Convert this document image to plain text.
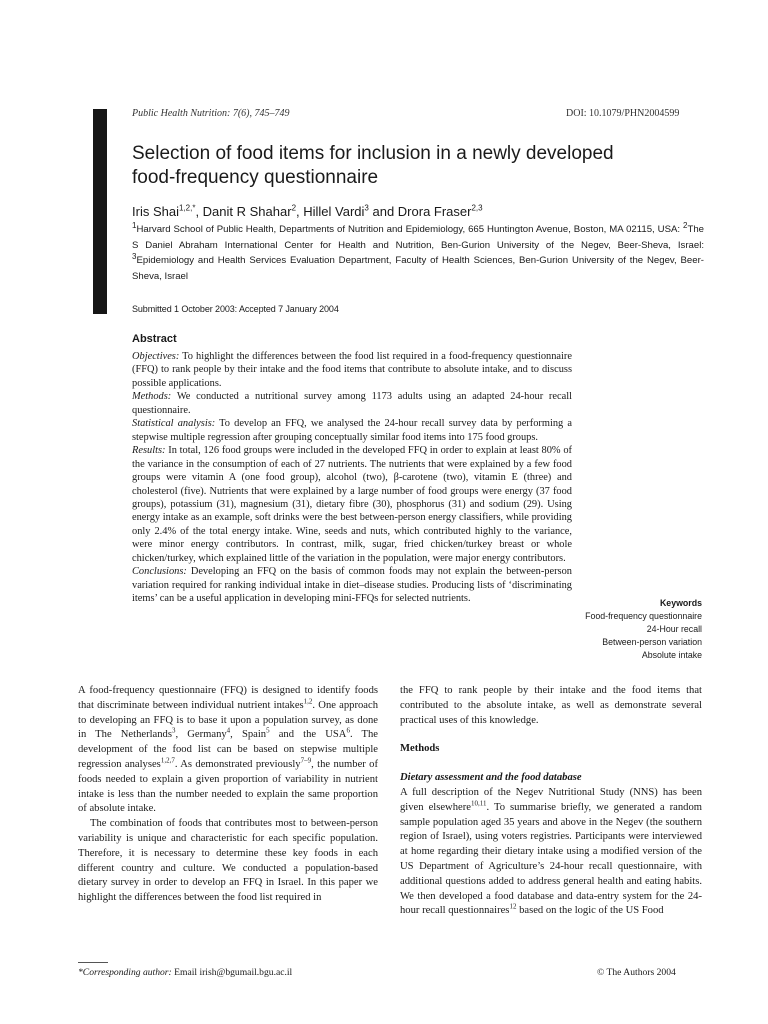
Public Health Nutrition: 7(6), 745–749	DOI: 10.1079/PHN2004599
Selection of food items for inclusion in a newly developed
food-frequency questionnaire
Iris Shai$^{1,2,*}$, Danit R Shahar$^2$, Hillel Vardi$^3$ and Drora Fraser$^{2,3}$
$^1$Harvard School of Public Health, Departments of Nutrition and Epidemiology, 665 Huntington Avenue, Boston, MA 02115, USA: $^2$The S Daniel Abraham International Center for Health and Nutrition, Ben-Gurion University of the Negev, Beer-Sheva, Israel: $^3$Epidemiology and Health Services Evaluation Department, Faculty of Health Sciences, Ben-Gurion University of the Negev, Beer-Sheva, Israel
Submitted 1 October 2003: Accepted 7 January 2004
Abstract

Objectives: To highlight the differences between the food list required in a food-frequency questionnaire (FFQ) to rank people by their intake and the food items that contribute to absolute intake, and to discuss possible applications.

Methods: We conducted a nutritional survey among 1173 adults using an adapted 24-hour recall questionnaire.

Statistical analysis: To develop an FFQ, we analysed the 24-hour recall survey data by performing a stepwise multiple regression after grouping conceptually similar food items into 175 food groups.

Results: In total, 126 food groups were included in the developed FFQ in order to explain at least 80% of the variance in the consumption of each of 27 nutrients. The nutrients that were explained by a few food groups were vitamin A (one food group), alcohol (two), β-carotene (two), vitamin E (three) and cholesterol (five). Nutrients that were explained by a large number of food groups were energy (37 food groups), potassium (31), magnesium (31), dietary fibre (30), phosphorus (31) and sodium (29). Using energy intake as an example, soft drinks were the best between-person energy classifiers, while providing only 2.4% of the total energy intake. Wine, seeds and nuts, which contributed highly to the variance, were minor energy contributors. In contrast, milk, sugar, fried chicken/turkey breast or whole chicken/turkey, which explained little of the variation in the population, were major energy contributors.

Conclusions: Developing an FFQ on the basis of common foods may not explain the between-person variation required for ranking individual intake in diet–disease studies. Producing lists of ‘discriminating items’ can be a useful application in developing mini-FFQs for selected nutrients.	Keywords
Food-frequency questionnaire
24-Hour recall
Between-person variation
Absolute intake

A food-frequency questionnaire (FFQ) is designed to identify foods that discriminate between individual nutrient intakes$^{1,2}$. One approach to developing an FFQ is to base it upon a population survey, as done in The Netherlands$^3$, Germany$^4$, Spain$^5$ and the USA$^6$. The development of the food list can be based on stepwise multiple regression analyses$^{1,2,7}$. As demonstrated previously$^{7-9}$, the number of foods needed to explain a given proportion of variability in nutrient intake is less than the number needed to explain the same proportion of absolute intake.

The combination of foods that contributes most to between-person variability is unique and characteristic for each specific population. Therefore, it is necessary to determine these key foods in each different country and culture. We conducted a population-based dietary survey in order to develop an FFQ in Israel. In this paper we highlight the differences between the food list required in

the FFQ to rank people by their intake and the food items that contributed to the absolute intake, as well as demonstrate several practical uses of this knowledge.

Methods

Dietary assessment and the food database

A full description of the Negev Nutritional Study (NNS) has been given elsewhere$^{10,11}$. To summarise briefly, we generated a random sample population aged 35 years and above in the Negev (the southern region of Israel), using voters registries. Participants were interviewed at home regarding their dietary intake using a modified version of the US Department of Agriculture’s 24-hour recall questionnaire, with additional questions added to address general health and eating habits. We then developed a food database and data-entry system for the 24-hour recall questionnaires$^{12}$ based on the logic of the US Food

*Corresponding author: Email irish@bgumail.bgu.ac.il	© The Authors 2004
